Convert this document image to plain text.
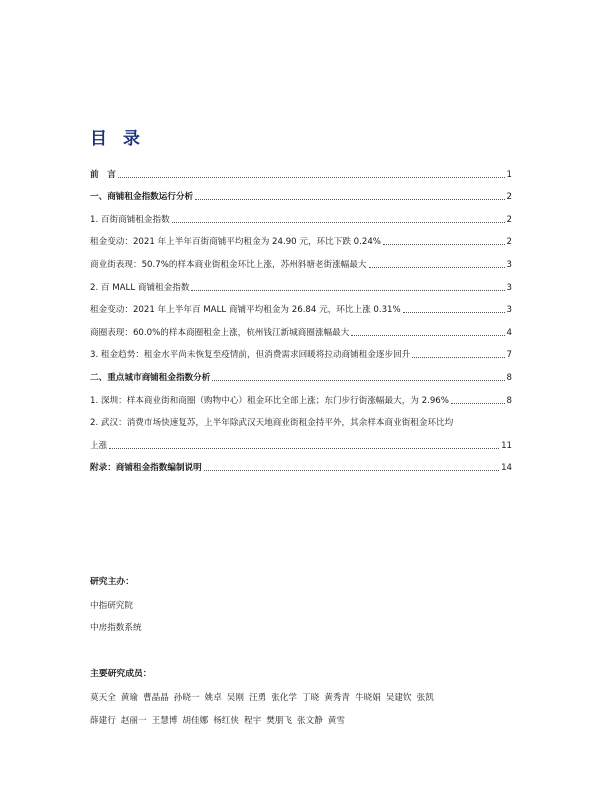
目 录
前　言	1
一、商铺租金指数运行分析	2
1. 百街商铺租金指数	2
租金变动：2021 年上半年百街商铺平均租金为 24.90 元，环比下跌 0.24%	2
商业街表现：50.7%的样本商业街租金环比上涨，苏州斜塘老街涨幅最大	3
2. 百 MALL 商铺租金指数	3
租金变动：2021 年上半年百 MALL 商铺平均租金为 26.84 元，环比上涨 0.31%	3
商圈表现：60.0%的样本商圈租金上涨，杭州钱江新城商圈涨幅最大	4
3. 租金趋势：租金水平尚未恢复至疫情前，但消费需求回暖将拉动商铺租金逐步回升	7
二、重点城市商铺租金指数分析	8
1. 深圳：样本商业街和商圈（购物中心）租金环比全部上涨；东门步行街涨幅最大，为 2.96%	8
2. 武汉：消费市场快速复苏，上半年除武汉天地商业街租金持平外，其余样本商业街租金环比均
上涨	11
附录：商铺租金指数编制说明	14
研究主办：
中指研究院
中房指数系统
主要研究成员：
莫天全 黄瑜 曹晶晶 孙晓一 姚卓 吴刚 汪勇 张化学 丁晓 黄秀青 牛晓娟 吴建钦 张凯
薛建行 赵丽一 王慧博 胡佳娜 杨红侠 程宇 樊朋飞 张文静 黄雪
